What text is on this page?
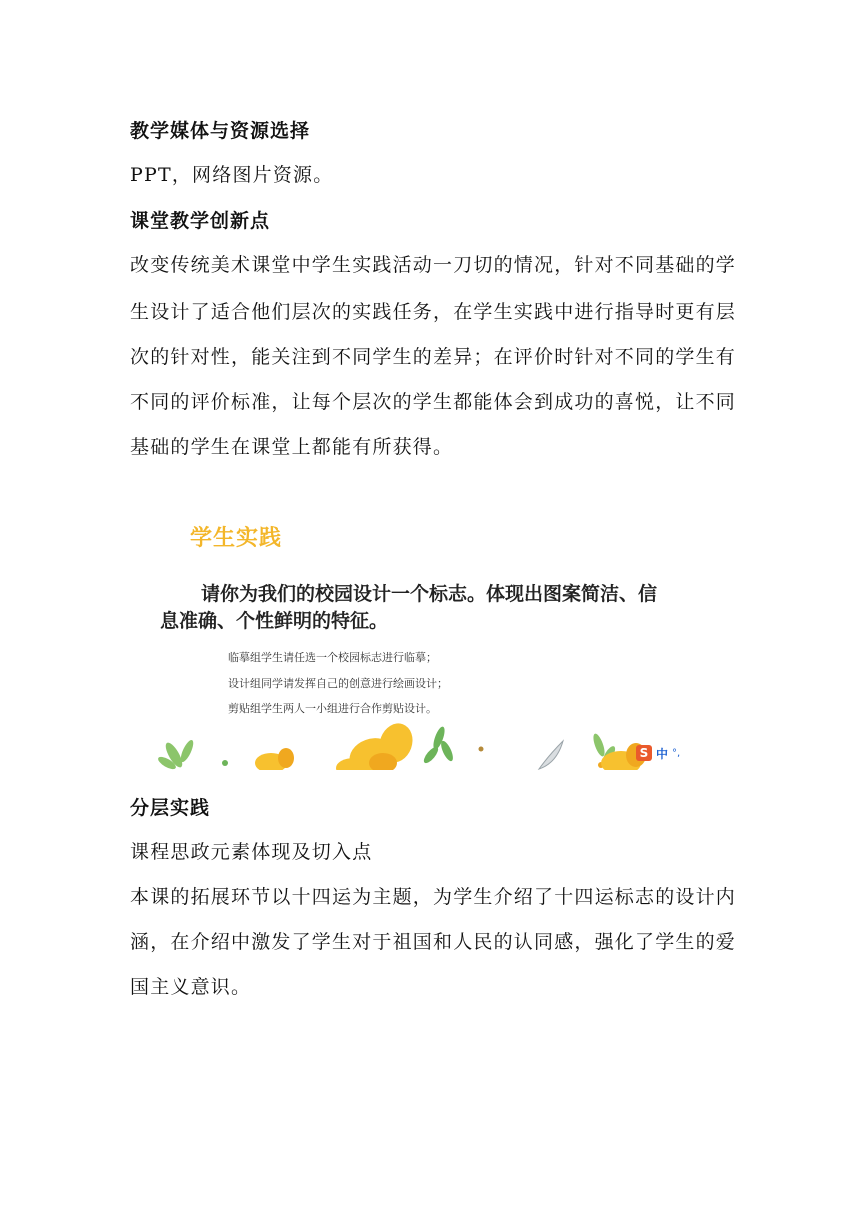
教学媒体与资源选择
PPT，网络图片资源。
课堂教学创新点
改变传统美术课堂中学生实践活动一刀切的情况，针对不同基础的学
生设计了适合他们层次的实践任务，在学生实践中进行指导时更有层
次的针对性，能关注到不同学生的差异；在评价时针对不同的学生有
不同的评价标准，让每个层次的学生都能体会到成功的喜悦，让不同
基础的学生在课堂上都能有所获得。
学生实践
请你为我们的校园设计一个标志。体现出图案简洁、信
息准确、个性鲜明的特征。
临摹组学生请任选一个校园标志进行临摹；
设计组同学请发挥自己的创意进行绘画设计；
剪贴组学生两人一小组进行合作剪贴设计。
S 中 °,
分层实践
课程思政元素体现及切入点
本课的拓展环节以十四运为主题，为学生介绍了十四运标志的设计内
涵，在介绍中激发了学生对于祖国和人民的认同感，强化了学生的爱
国主义意识。
